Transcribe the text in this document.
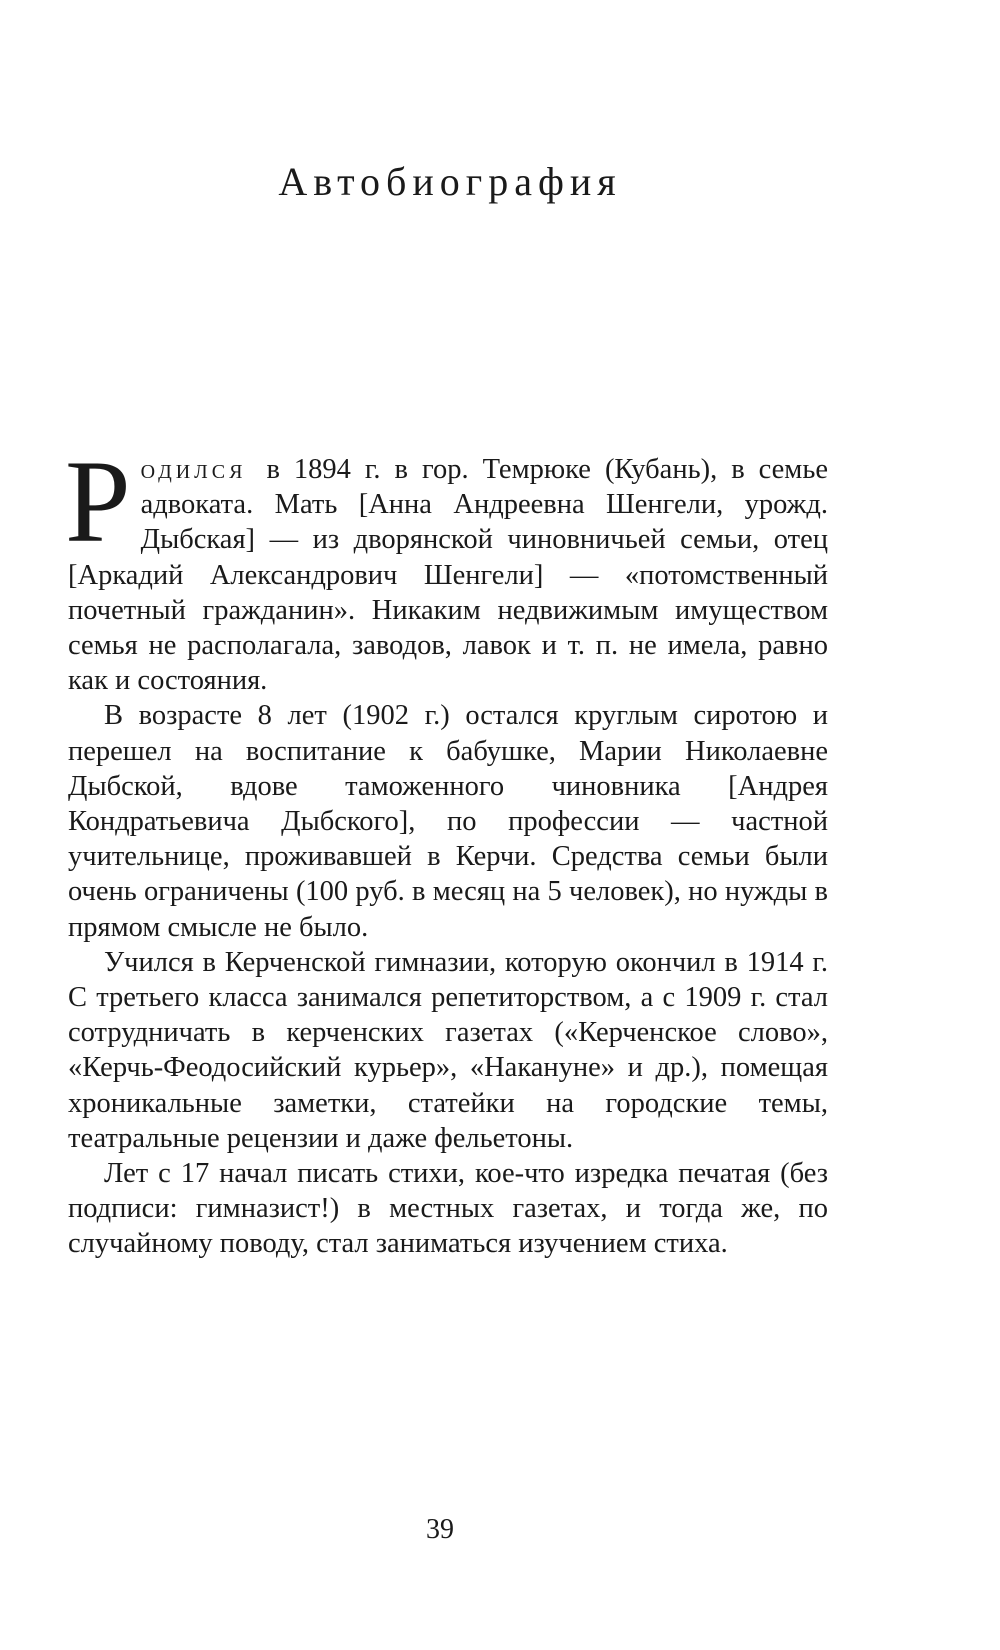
Автобиография

Р одился в 1894 г. в гор. Темрюке (Кубань), в семье адвоката. Мать [Анна Андреевна Шенгели, урожд. Дыбская] — из дворянской чиновничьей семьи, отец [Аркадий Александрович Шенгели] — «потомственный почетный гражданин». Никаким недвижимым имуществом семья не располагала, заводов, лавок и т. п. не имела, равно как и состояния.

В возрасте 8 лет (1902 г.) остался круглым сиротою и перешел на воспитание к бабушке, Марии Николаевне Дыбской, вдове таможенного чиновника [Андрея Кондратьевича Дыбского], по профессии — частной учительнице, проживавшей в Керчи. Средства семьи были очень ограничены (100 руб. в месяц на 5 человек), но нужды в прямом смысле не было.

Учился в Керченской гимназии, которую окончил в 1914 г. С третьего класса занимался репетиторством, а с 1909 г. стал сотрудничать в керченских газетах («Керченское слово», «Керчь-Феодосийский курьер», «Накануне» и др.), помещая хроникальные заметки, статейки на городские темы, театральные рецензии и даже фельетоны.

Лет с 17 начал писать стихи, кое-что изредка печатая (без подписи: гимназист!) в местных газетах, и тогда же, по случайному поводу, стал заниматься изучением стиха.

39
